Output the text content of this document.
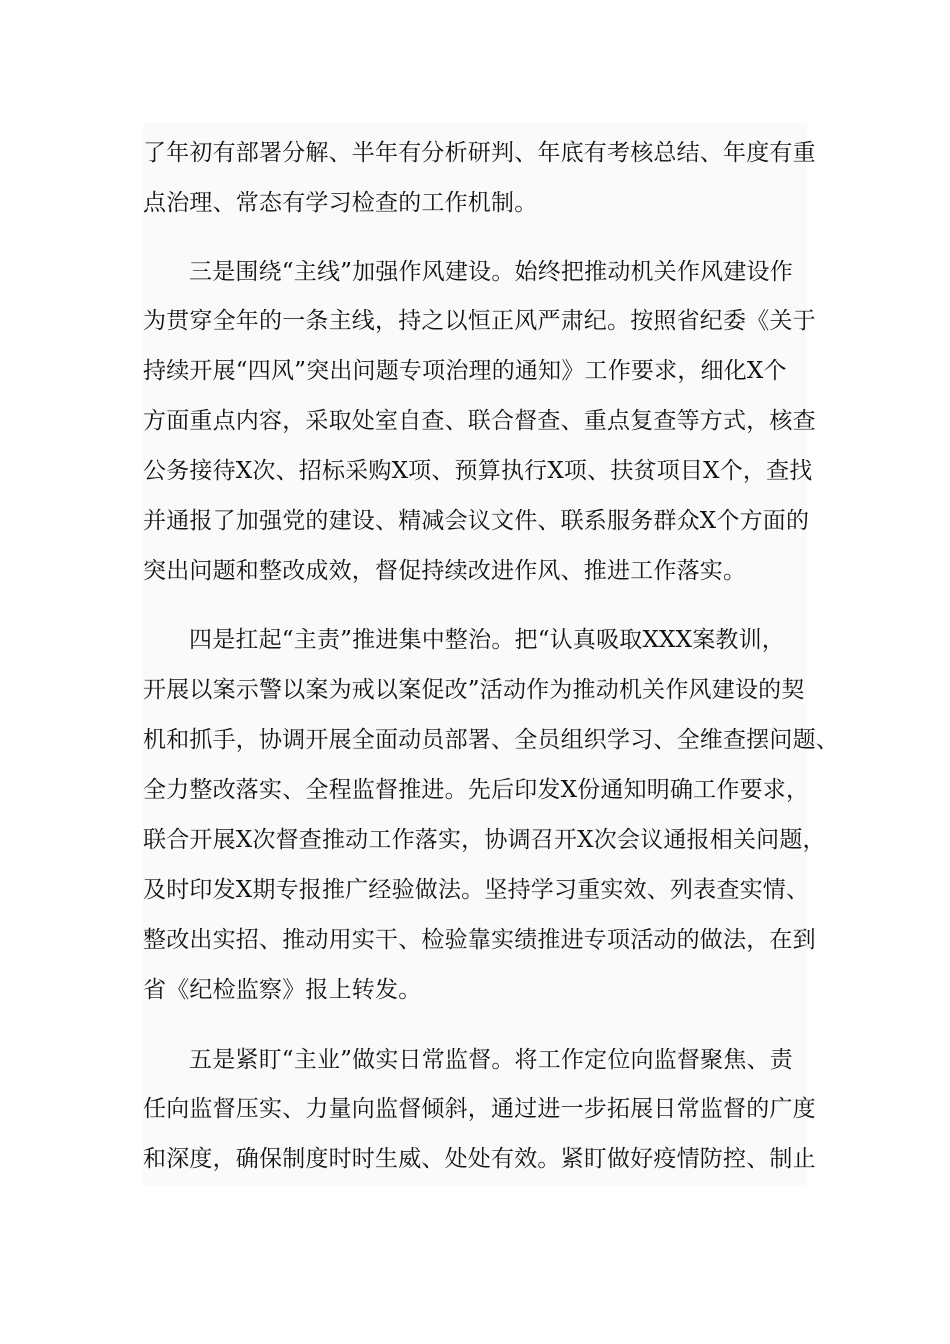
了年初有部署分解、半年有分析研判、年底有考核总结、年度有重
点治理、常态有学习检查的工作机制。
三是围绕“主线”加强作风建设。始终把推动机关作风建设作
为贯穿全年的一条主线，持之以恒正风严肃纪。按照省纪委《关于
持续开展“四风”突出问题专项治理的通知》工作要求，细化X个
方面重点内容，采取处室自查、联合督查、重点复查等方式，核查
公务接待X次、招标采购X项、预算执行X项、扶贫项目X个，查找
并通报了加强党的建设、精减会议文件、联系服务群众X个方面的
突出问题和整改成效，督促持续改进作风、推进工作落实。
四是扛起“主责”推进集中整治。把“认真吸取XXX案教训，
开展以案示警以案为戒以案促改”活动作为推动机关作风建设的契
机和抓手，协调开展全面动员部署、全员组织学习、全维查摆问题、
全力整改落实、全程监督推进。先后印发X份通知明确工作要求，
联合开展X次督查推动工作落实，协调召开X次会议通报相关问题，
及时印发X期专报推广经验做法。坚持学习重实效、列表查实情、
整改出实招、推动用实干、检验靠实绩推进专项活动的做法，在到
省《纪检监察》报上转发。
五是紧盯“主业”做实日常监督。将工作定位向监督聚焦、责
任向监督压实、力量向监督倾斜，通过进一步拓展日常监督的广度
和深度，确保制度时时生威、处处有效。紧盯做好疫情防控、制止
